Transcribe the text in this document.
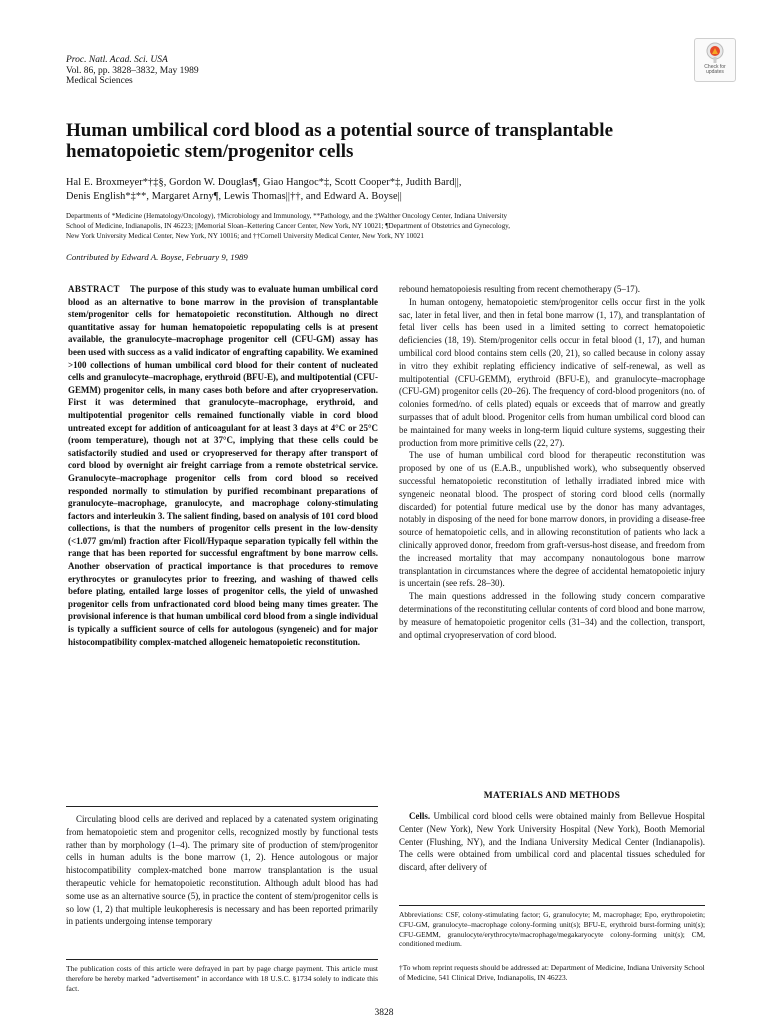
Proc. Natl. Acad. Sci. USA
Vol. 86, pp. 3828–3832, May 1989
Medical Sciences
Check for
updates
Human umbilical cord blood as a potential source of transplantable hematopoietic stem/progenitor cells
Hal E. Broxmeyer*†‡§, Gordon W. Douglas¶, Giao Hangoc*‡, Scott Cooper*‡, Judith Bard||,
Denis English*‡**, Margaret Arny¶, Lewis Thomas||††, and Edward A. Boyse||
Departments of *Medicine (Hematology/Oncology), †Microbiology and Immunology, **Pathology, and the ‡Walther Oncology Center, Indiana University
School of Medicine, Indianapolis, IN 46223; ||Memorial Sloan–Kettering Cancer Center, New York, NY 10021; ¶Department of Obstetrics and Gynecology,
New York University Medical Center, New York, NY 10016; and ††Cornell University Medical Center, New York, NY 10021
Contributed by Edward A. Boyse, February 9, 1989

ABSTRACT The purpose of this study was to evaluate human umbilical cord blood as an alternative to bone marrow in the provision of transplantable stem/progenitor cells for hematopoietic reconstitution. Although no direct quantitative assay for human hematopoietic repopulating cells is at present available, the granulocyte–macrophage progenitor cell (CFU-GM) assay has been used with success as a valid indicator of engrafting capability. We examined >100 collections of human umbilical cord blood for their content of nucleated cells and granulocyte–macrophage, erythroid (BFU-E), and multipotential (CFU-GEMM) progenitor cells, in many cases both before and after cryopreservation. First it was determined that granulocyte–macrophage, erythroid, and multipotential progenitor cells remained functionally viable in cord blood untreated except for addition of anticoagulant for at least 3 days at 4°C or 25°C (room temperature), though not at 37°C, implying that these cells could be satisfactorily studied and used or cryopreserved for therapy after transport of cord blood by overnight air freight carriage from a remote obstetrical service. Granulocyte–macrophage progenitor cells from cord blood so received responded normally to stimulation by purified recombinant preparations of granulocyte–macrophage, granulocyte, and macrophage colony-stimulating factors and interleukin 3. The salient finding, based on analysis of 101 cord blood collections, is that the numbers of progenitor cells present in the low-density (<1.077 gm/ml) fraction after Ficoll/Hypaque separation typically fell within the range that has been reported for successful engraftment by bone marrow cells. Another observation of practical importance is that procedures to remove erythrocytes or granulocytes prior to freezing, and washing of thawed cells before plating, entailed large losses of progenitor cells, the yield of unwashed progenitor cells from unfractionated cord blood being many times greater. The provisional inference is that human umbilical cord blood from a single individual is typically a sufficient source of cells for autologous (syngeneic) and for major histocompatibility complex-matched allogeneic hematopoietic reconstitution.

Circulating blood cells are derived and replaced by a catenated system originating from hematopoietic stem and progenitor cells, recognized mostly by functional tests rather than by morphology (1–4). The primary site of production of stem/progenitor cells in human adults is the bone marrow (1, 2). Hence autologous or major histocompatibility complex-matched bone marrow transplantation is the usual therapeutic vehicle for hematopoietic reconstitution. Although adult blood has had some use as an alternative source (5), in practice the content of stem/progenitor cells is so low (1, 2) that multiple leukopheresis is necessary and has been reported primarily in patients undergoing intense temporary

The publication costs of this article were defrayed in part by page charge payment. This article must therefore be hereby marked "advertisement" in accordance with 18 U.S.C. §1734 solely to indicate this fact.

rebound hematopoiesis resulting from recent chemotherapy (5–17).

In human ontogeny, hematopoietic stem/progenitor cells occur first in the yolk sac, later in fetal liver, and then in fetal bone marrow (1, 17), and transplantation of fetal liver cells has been used in a limited setting to correct hematopoietic deficiencies (18, 19). Stem/progenitor cells occur in fetal blood (1, 17), and human umbilical cord blood contains stem cells (20, 21), so called because in colony assay in vitro they exhibit replating efficiency indicative of self-renewal, as well as multipotential (CFU-GEMM), erythroid (BFU-E), and granulocyte–macrophage (CFU-GM) progenitor cells (20–26). The frequency of cord-blood progenitors (no. of colonies formed/no. of cells plated) equals or exceeds that of marrow and greatly surpasses that of adult blood. Progenitor cells from human umbilical cord blood can be maintained for many weeks in long-term liquid culture systems, suggesting their production from more primitive cells (22, 27).

The use of human umbilical cord blood for therapeutic reconstitution was proposed by one of us (E.A.B., unpublished work), who subsequently observed successful hematopoietic reconstitution of lethally irradiated inbred mice with syngeneic neonatal blood. The prospect of storing cord blood cells (normally discarded) for potential future medical use by the donor has many advantages, notably in disposing of the need for bone marrow donors, in providing a disease-free source of hematopoietic cells, and in allowing reconstitution of patients who lack a clinically approved donor, freedom from graft-versus-host disease, and freedom from the increased mortality that may accompany nonautologous bone marrow transplantation in circumstances where the degree of accidental hematopoietic injury is uncertain (see refs. 28–30).

The main questions addressed in the following study concern comparative determinations of the reconstituting cellular contents of cord blood and bone marrow, by measure of hematopoietic progenitor cells (31–34) and the collection, transport, and optimal cryopreservation of cord blood.

MATERIALS AND METHODS

Cells. Umbilical cord blood cells were obtained mainly from Bellevue Hospital Center (New York), New York University Hospital (New York), Booth Memorial Center (Flushing, NY), and the Indiana University Medical Center (Indianapolis). The cells were obtained from umbilical cord and placental tissues scheduled for discard, after delivery of

Abbreviations: CSF, colony-stimulating factor; G, granulocyte; M, macrophage; Epo, erythropoietin; CFU-GM, granulocyte–macrophage colony-forming unit(s); BFU-E, erythroid burst-forming unit(s); CFU-GEMM, granulocyte/erythrocyte/macrophage/megakaryocyte colony-forming unit(s); CM, conditioned medium.

†To whom reprint requests should be addressed at: Department of Medicine, Indiana University School of Medicine, 541 Clinical Drive, Indianapolis, IN 46223.

3828
